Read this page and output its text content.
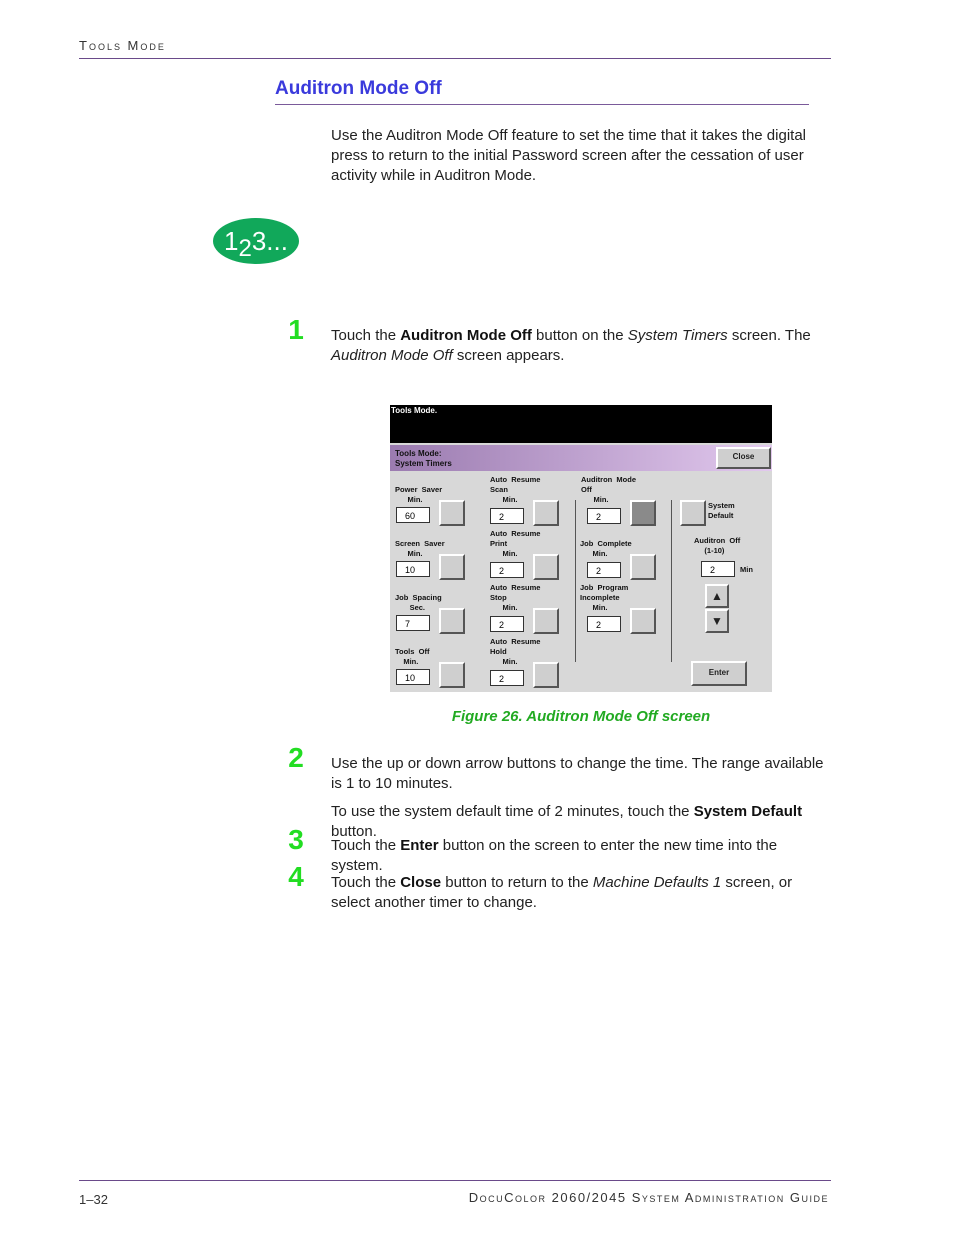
Tools Mode
Auditron Mode Off
Use the Auditron Mode Off feature to set the time that it takes the digital press to return to the initial Password screen after the cessation of user activity while in Auditron Mode.
123...
1	Touch the Auditron Mode Off button on the System Timers screen. The Auditron Mode Off screen appears.
Tools Mode.
Tools Mode:
System Timers
Close
Power  Saver
Min.
60
Screen  Saver
Min.
10
Job  Spacing
Sec.
7
Tools  Off
Min.
10
Auto  Resume
Scan
Min.
2
Auto  Resume
Print
Min.
2
Auto  Resume
Stop
Min.
2
Auto  Resume
Hold
Min.
2
Auditron  Mode
Off
Min.
2
Job  Complete
Min.
2
Job  Program
Incomplete
Min.
2
System
Default
Auditron  Off
(1-10)
2	Min
▲
▼
Enter
Figure 26. Auditron Mode Off screen
2	Use the up or down arrow buttons to change the time. The range available is 1 to 10 minutes.
To use the system default time of 2 minutes, touch the System Default button.
3	Touch the Enter button on the screen to enter the new time into the system.
4	Touch the Close button to return to the Machine Defaults 1 screen, or select another timer to change.
1–32	DocuColor 2060/2045 System Administration Guide
